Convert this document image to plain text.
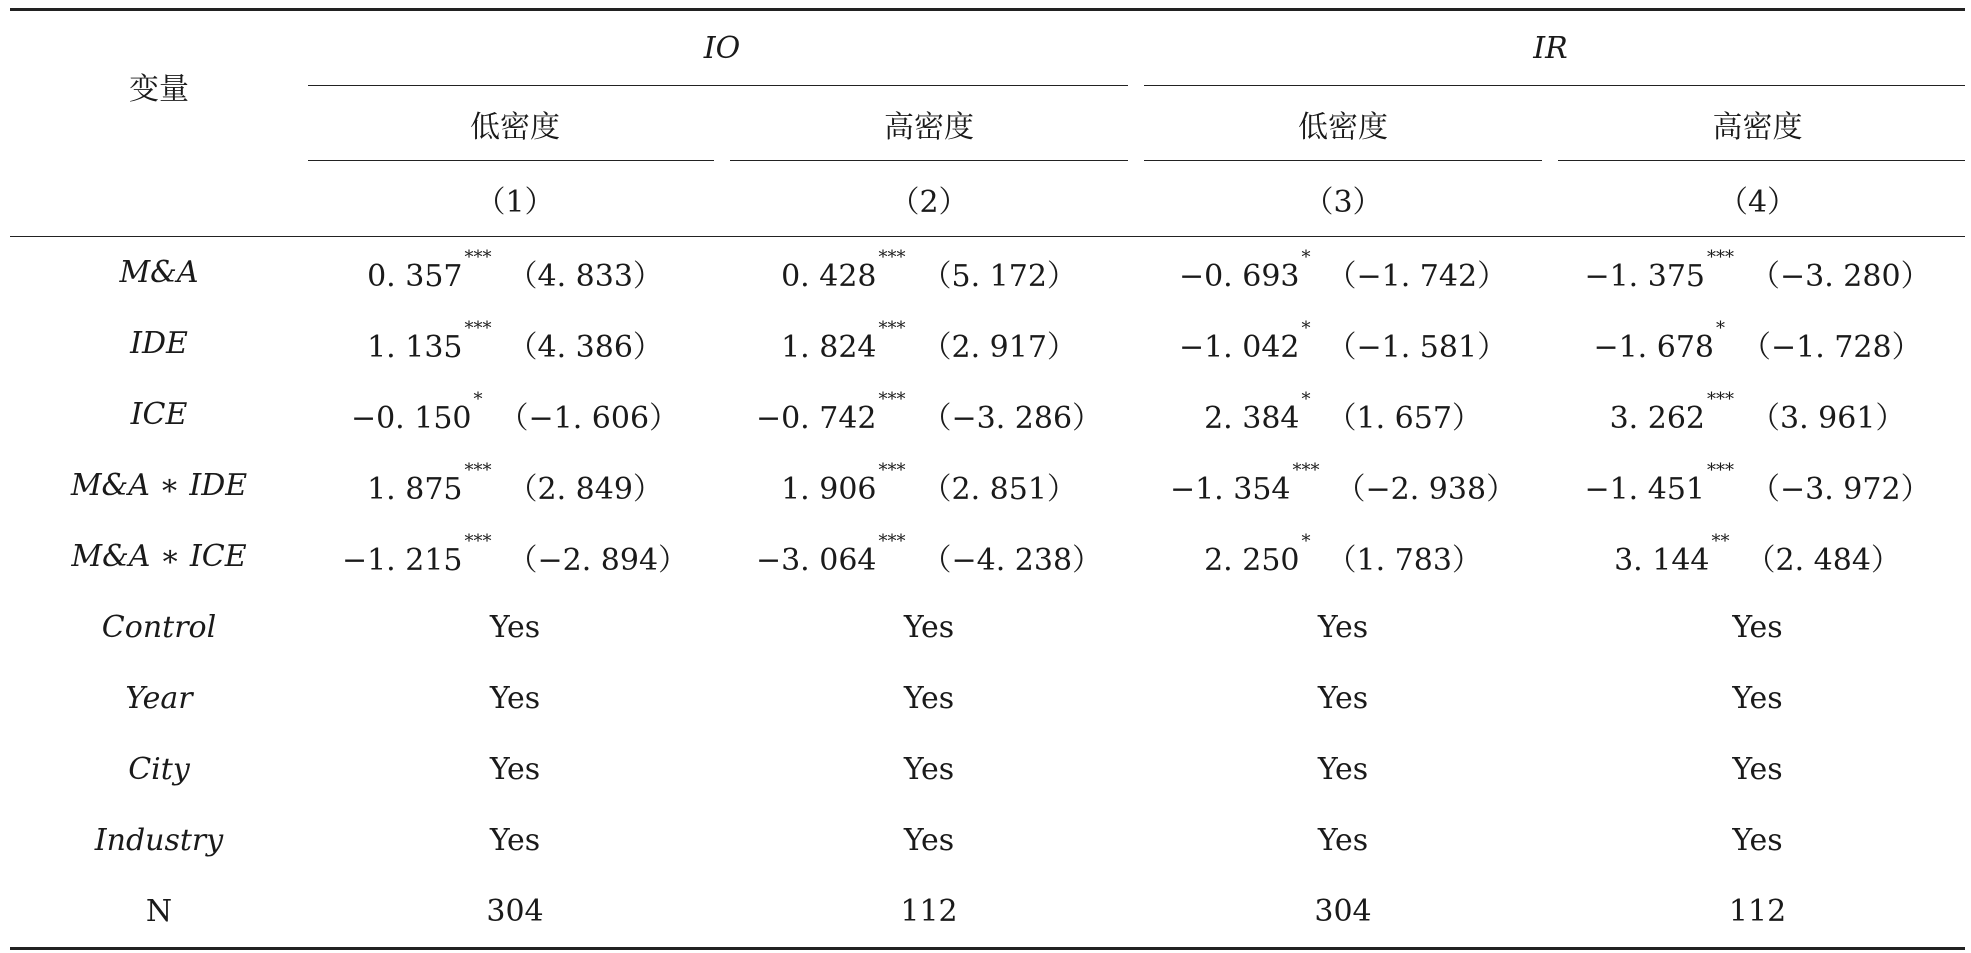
变量	IO		IR	
	低密度	高密度	低密度	高密度
	（1）	（2）	（3）	（4）
M&A	0. 357***（4. 833）	0. 428***（5. 172）	−0. 693*（−1. 742）	−1. 375***（−3. 280）
IDE	1. 135***（4. 386）	1. 824***（2. 917）	−1. 042*（−1. 581）	−1. 678*（−1. 728）
ICE	−0. 150*（−1. 606）	−0. 742***（−3. 286）	2. 384*（1. 657）	3. 262***（3. 961）
M&A ∗ IDE	1. 875***（2. 849）	1. 906***（2. 851）	−1. 354***（−2. 938）	−1. 451***（−3. 972）
M&A ∗ ICE	−1. 215***（−2. 894）	−3. 064***（−4. 238）	2. 250*（1. 783）	3. 144**（2. 484）
Control	Yes	Yes	Yes	Yes
Year	Yes	Yes	Yes	Yes
City	Yes	Yes	Yes	Yes
Industry	Yes	Yes	Yes	Yes
N	304	112	304	112
